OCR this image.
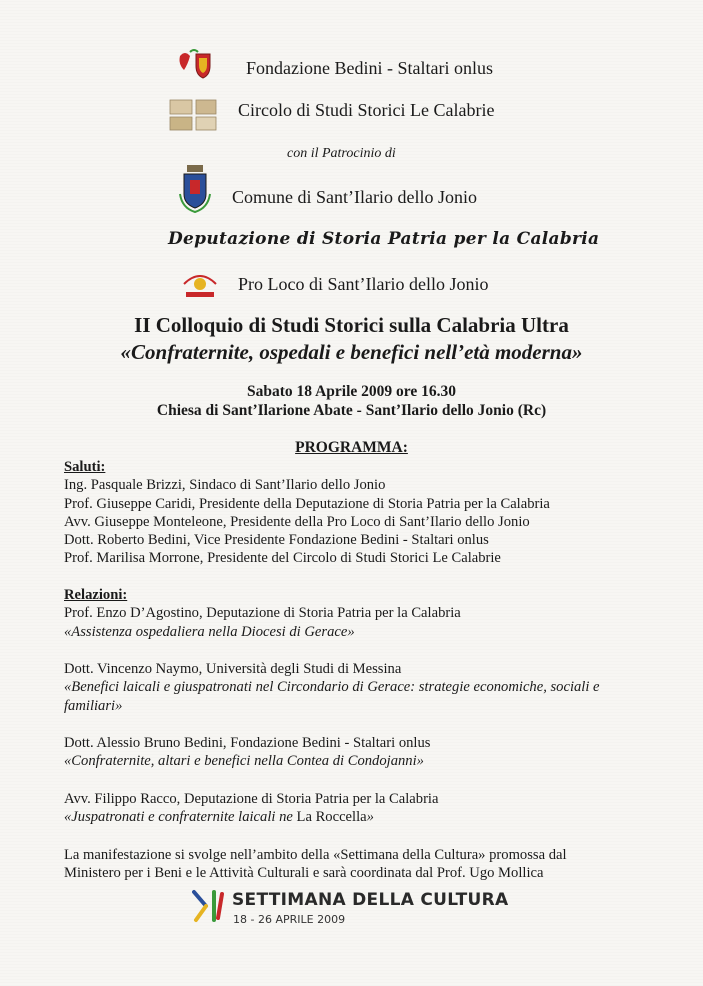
Fondazione Bedini - Staltari onlus
Circolo di Studi Storici Le Calabrie
con il Patrocinio di
Comune di Sant’Ilario dello Jonio
Deputazione di Storia Patria per la Calabria
Pro Loco di Sant’Ilario dello Jonio
II Colloquio di Studi Storici sulla Calabria Ultra
«Confraternite, ospedali e benefici nell’età moderna»
Sabato 18 Aprile 2009 ore 16.30
Chiesa di Sant’Ilarione Abate - Sant’Ilario dello Jonio (Rc)
PROGRAMMA:
Saluti:
Ing. Pasquale Brizzi, Sindaco di Sant’Ilario dello Jonio
Prof. Giuseppe Caridi, Presidente della Deputazione di Storia Patria per la Calabria
Avv. Giuseppe Monteleone, Presidente della Pro Loco di Sant’Ilario dello Jonio
Dott. Roberto Bedini, Vice Presidente Fondazione Bedini - Staltari onlus
Prof. Marilisa Morrone, Presidente del Circolo di Studi Storici Le Calabrie
Relazioni:
Prof. Enzo D’Agostino, Deputazione di Storia Patria per la Calabria
«Assistenza ospedaliera nella Diocesi di Gerace»
Dott. Vincenzo Naymo, Università degli Studi di Messina
«Benefici laicali e giuspatronati nel Circondario di Gerace: strategie economiche, sociali e familiari»
Dott. Alessio Bruno Bedini, Fondazione Bedini - Staltari onlus
«Confraternite, altari e benefici nella Contea di Condojanni»
Avv. Filippo Racco, Deputazione di Storia Patria per la Calabria
«Juspatronati e confraternite laicali ne La Roccella»
La manifestazione si svolge nell’ambito della «Settimana della Cultura» promossa dal
Ministero per i Beni e le Attività Culturali e sarà coordinata dal Prof. Ugo Mollica
SETTIMANA DELLA CULTURA
18 - 26 APRILE 2009
